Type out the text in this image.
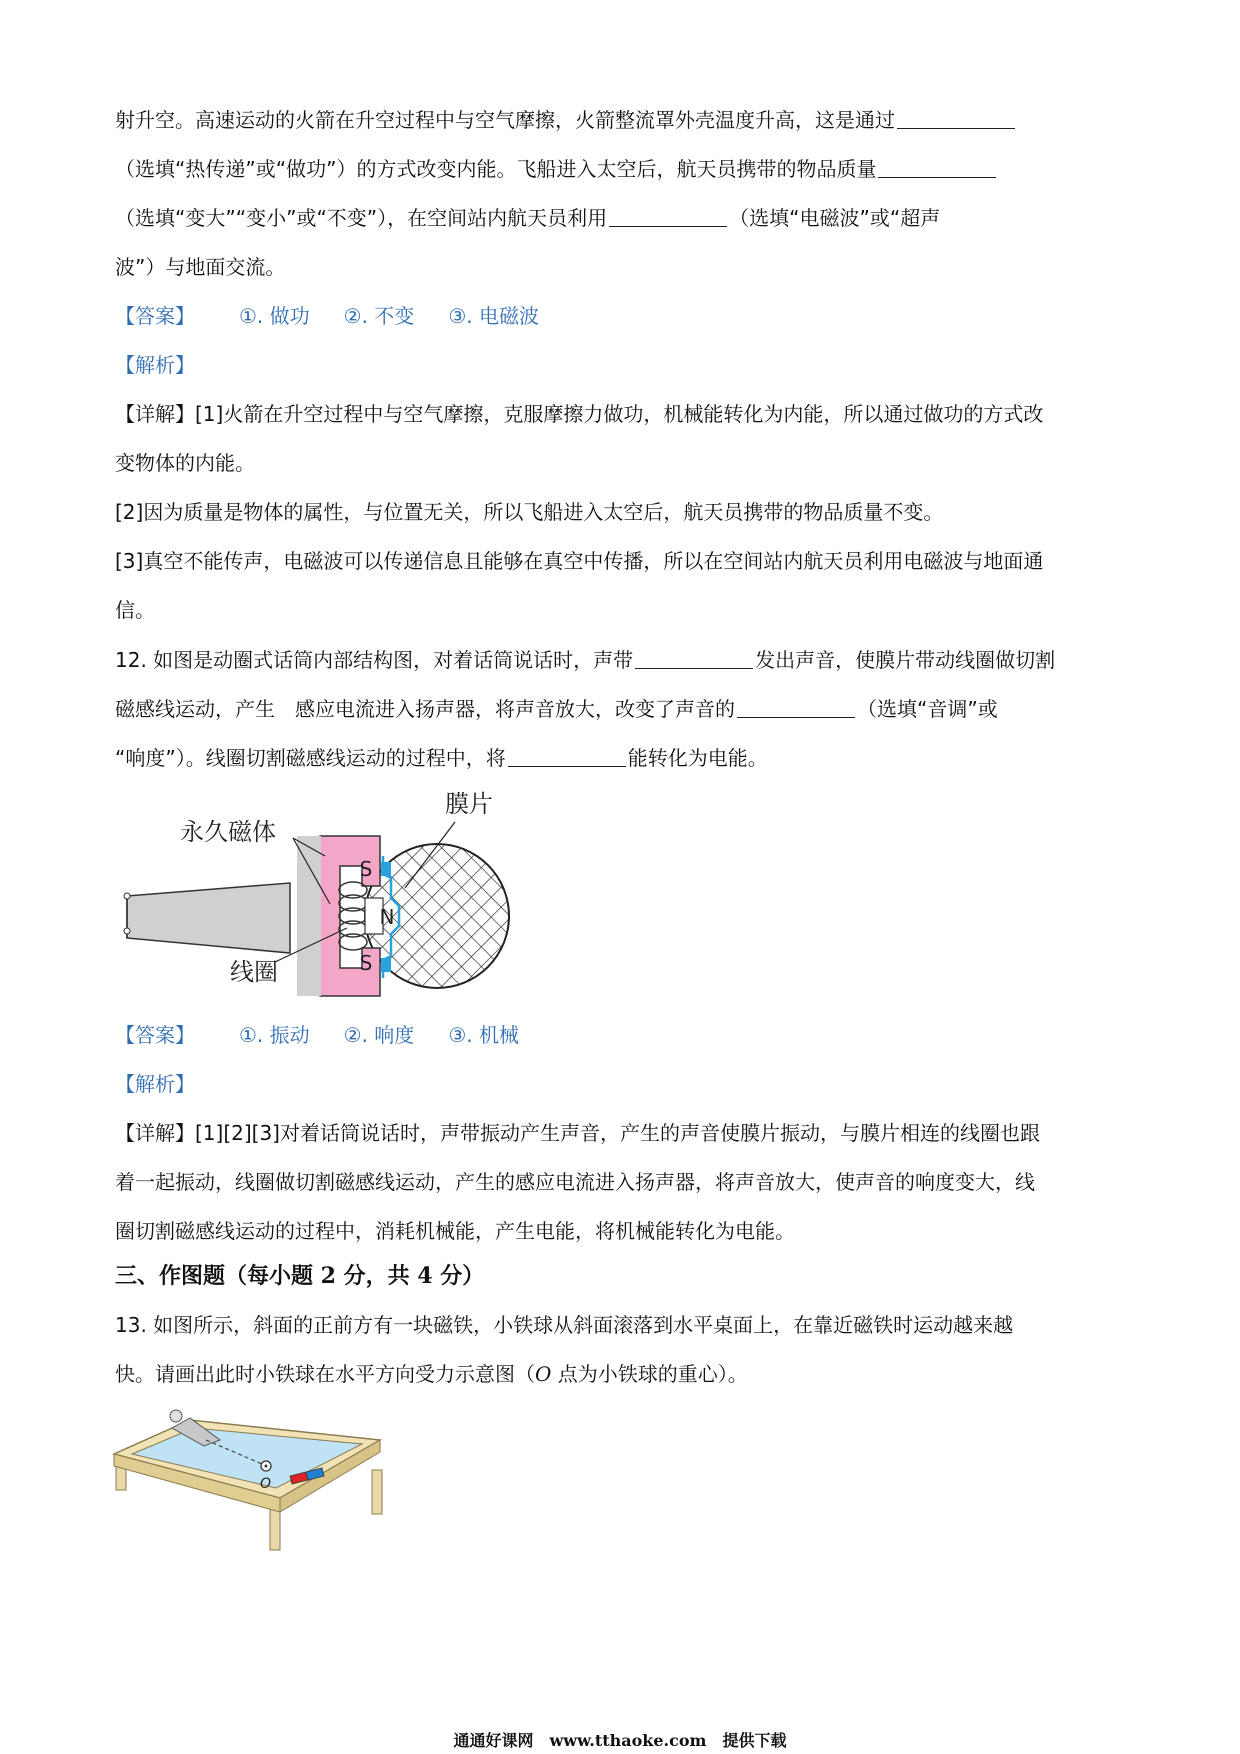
射升空。高速运动的火箭在升空过程中与空气摩擦，火箭整流罩外壳温度升高，这是通过
（选填“热传递”或“做功”）的方式改变内能。飞船进入太空后，航天员携带的物品质量
（选填“变大”“变小”或“不变”），在空间站内航天员利用	（选填“电磁波”或“超声
波”）与地面交流。
【答案】 ①. 做功 ②. 不变 ③. 电磁波
【解析】
【详解】[1]火箭在升空过程中与空气摩擦，克服摩擦力做功，机械能转化为内能，所以通过做功的方式改
变物体的内能。
[2]因为质量是物体的属性，与位置无关，所以飞船进入太空后，航天员携带的物品质量不变。
[3]真空不能传声，电磁波可以传递信息且能够在真空中传播，所以在空间站内航天员利用电磁波与地面通
信。
12. 如图是动圈式话筒内部结构图，对着话筒说话时，声带	发出声音，使膜片带动线圈做切割
磁感线运动，产生　感应电流进入扬声器，将声音放大，改变了声音的	（选填“音调”或
“响度”）。线圈切割磁感线运动的过程中，将	能转化为电能。
S
N
S
膜片
永久磁体
线圈
【答案】 ①. 振动 ②. 响度 ③. 机械
【解析】
【详解】[1][2][3]对着话筒说话时，声带振动产生声音，产生的声音使膜片振动，与膜片相连的线圈也跟
着一起振动，线圈做切割磁感线运动，产生的感应电流进入扬声器，将声音放大，使声音的响度变大，线
圈切割磁感线运动的过程中，消耗机械能，产生电能，将机械能转化为电能。
三、作图题（每小题 2 分，共 4 分）
13. 如图所示，斜面的正前方有一块磁铁，小铁球从斜面滚落到水平桌面上，在靠近磁铁时运动越来越
快。请画出此时小铁球在水平方向受力示意图（O 点为小铁球的重心）。
O
通通好课网　www.tthaoke.com　提供下载
